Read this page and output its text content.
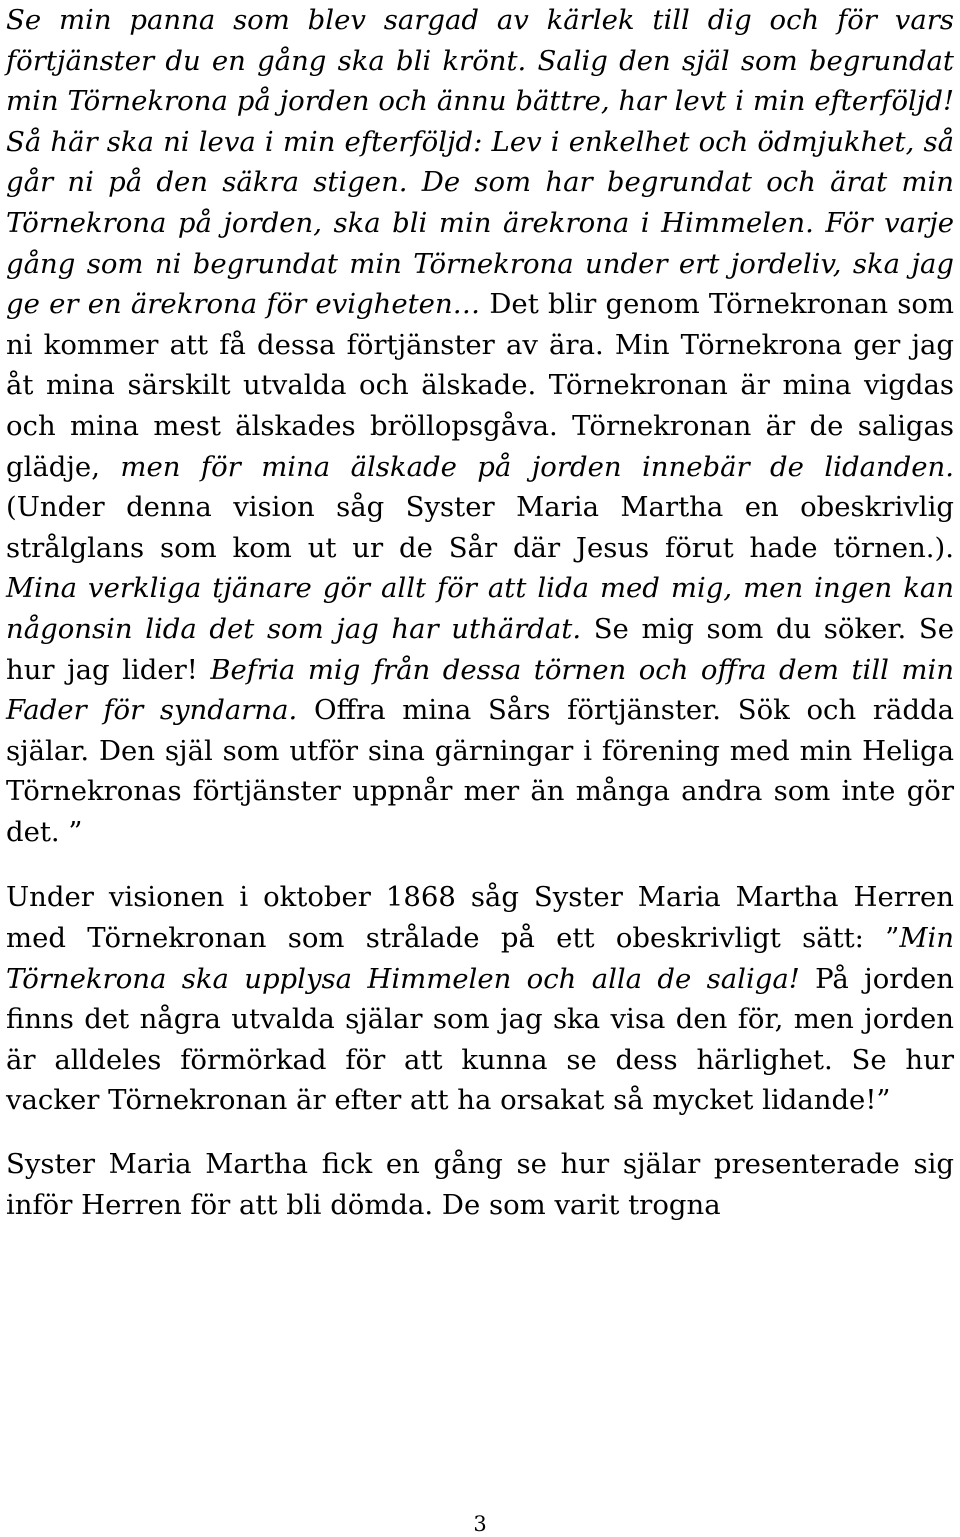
Se min panna som blev sargad av kärlek till dig och för vars förtjänster du en gång ska bli krönt. Salig den själ som begrundat min Törnekrona på jorden och ännu bättre, har levt i min efterföljd! Så här ska ni leva i min efterföljd: Lev i enkelhet och ödmjukhet, så går ni på den säkra stigen. De som har begrundat och ärat min Törnekrona på jorden, ska bli min ärekrona i Himmelen. För varje gång som ni begrundat min Törnekrona under ert jordeliv, ska jag ge er en ärekrona för evigheten… Det blir genom Törnekronan som ni kommer att få dessa förtjänster av ära. Min Törnekrona ger jag åt mina särskilt utvalda och älskade. Törnekronan är mina vigdas och mina mest älskades bröllopsgåva. Törnekronan är de saligas glädje, men för mina älskade på jorden innebär de lidanden. (Under denna vision såg Syster Maria Martha en obeskrivlig strålglans som kom ut ur de Sår där Jesus förut hade törnen.). Mina verkliga tjänare gör allt för att lida med mig, men ingen kan någonsin lida det som jag har uthärdat. Se mig som du söker. Se hur jag lider! Befria mig från dessa törnen och offra dem till min Fader för syndarna. Offra mina Sårs förtjänster. Sök och rädda själar. Den själ som utför sina gärningar i förening med min Heliga Törnekronas förtjänster uppnår mer än många andra som inte gör det. ”

Under visionen i oktober 1868 såg Syster Maria Martha Herren med Törnekronan som strålade på ett obeskrivligt sätt: ”Min Törnekrona ska upplysa Himmelen och alla de saliga! På jorden finns det några utvalda själar som jag ska visa den för, men jorden är alldeles förmörkad för att kunna se dess härlighet. Se hur vacker Törnekronan är efter att ha orsakat så mycket lidande!”

Syster Maria Martha fick en gång se hur själar presenterade sig inför Herren för att bli dömda. De som varit trogna

3
